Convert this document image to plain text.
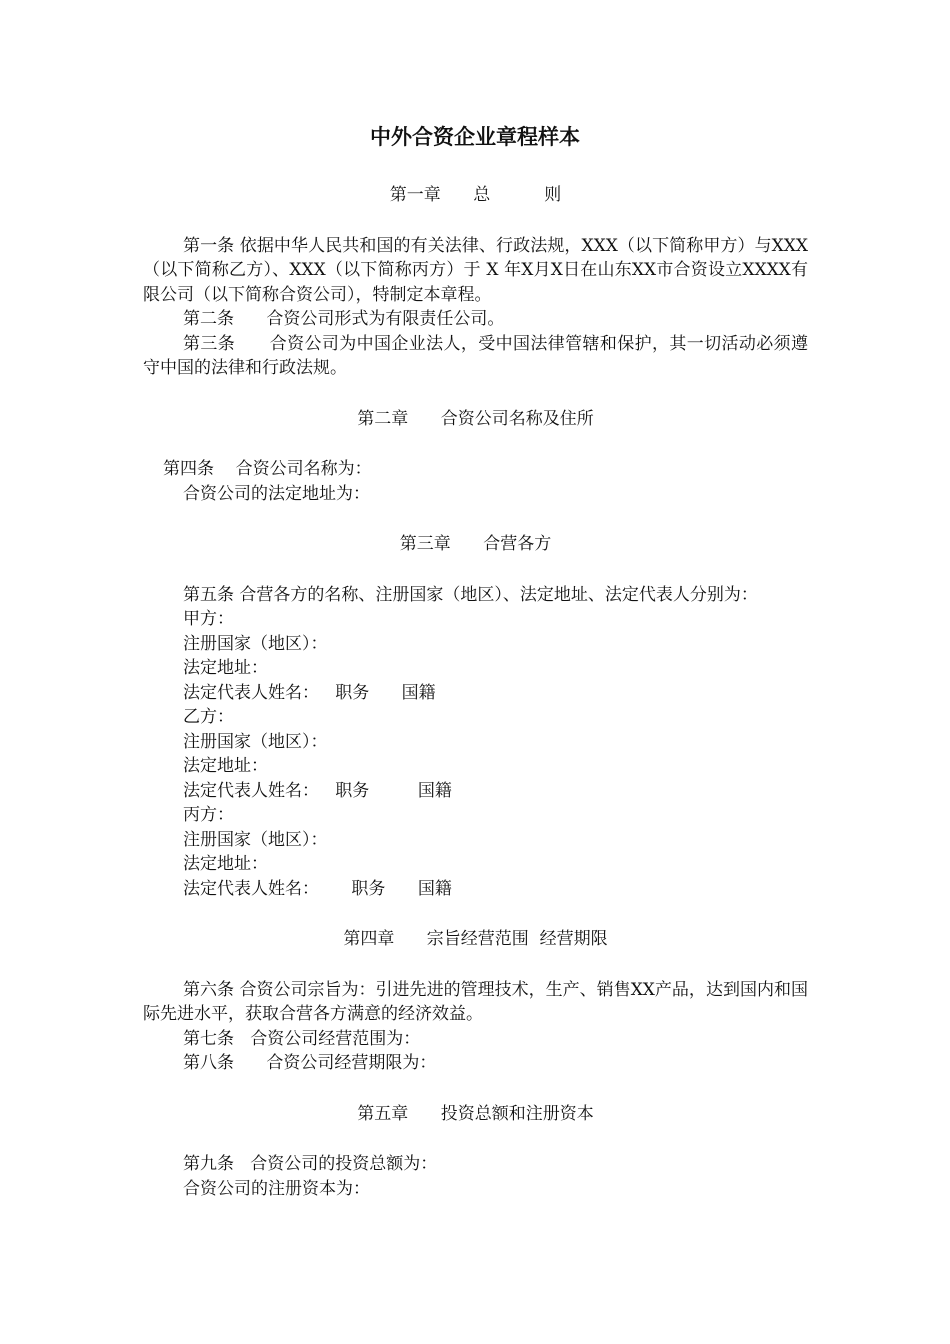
中外合资企业章程样本

第一章      总          则

第一条 依据中华人民共和国的有关法律、行政法规，XXX（以下简称甲方）与XXX（以下简称乙方）、XXX（以下简称丙方）于 X 年X月X日在山东XX市合资设立XXXX有限公司（以下简称合资公司），特制定本章程。

第二条      合资公司形式为有限责任公司。

第三条      合资公司为中国企业法人，受中国法律管辖和保护，其一切活动必须遵守中国的法律和行政法规。

第二章      合资公司名称及住所

第四条    合资公司名称为：

合资公司的法定地址为：

第三章      合营各方

第五条 合营各方的名称、注册国家（地区）、法定地址、法定代表人分别为：

甲方：

注册国家（地区）：

法定地址：

法定代表人姓名：   职务      国籍

乙方：

注册国家（地区）：

法定地址：

法定代表人姓名：   职务         国籍

丙方：

注册国家（地区）：

法定地址：

法定代表人姓名：      职务      国籍

第四章      宗旨经营范围  经营期限

第六条 合资公司宗旨为：引进先进的管理技术，生产、销售XX产品，达到国内和国际先进水平，获取合营各方满意的经济效益。

第七条   合资公司经营范围为：

第八条      合资公司经营期限为：

第五章      投资总额和注册资本

第九条   合资公司的投资总额为：

合资公司的注册资本为：
